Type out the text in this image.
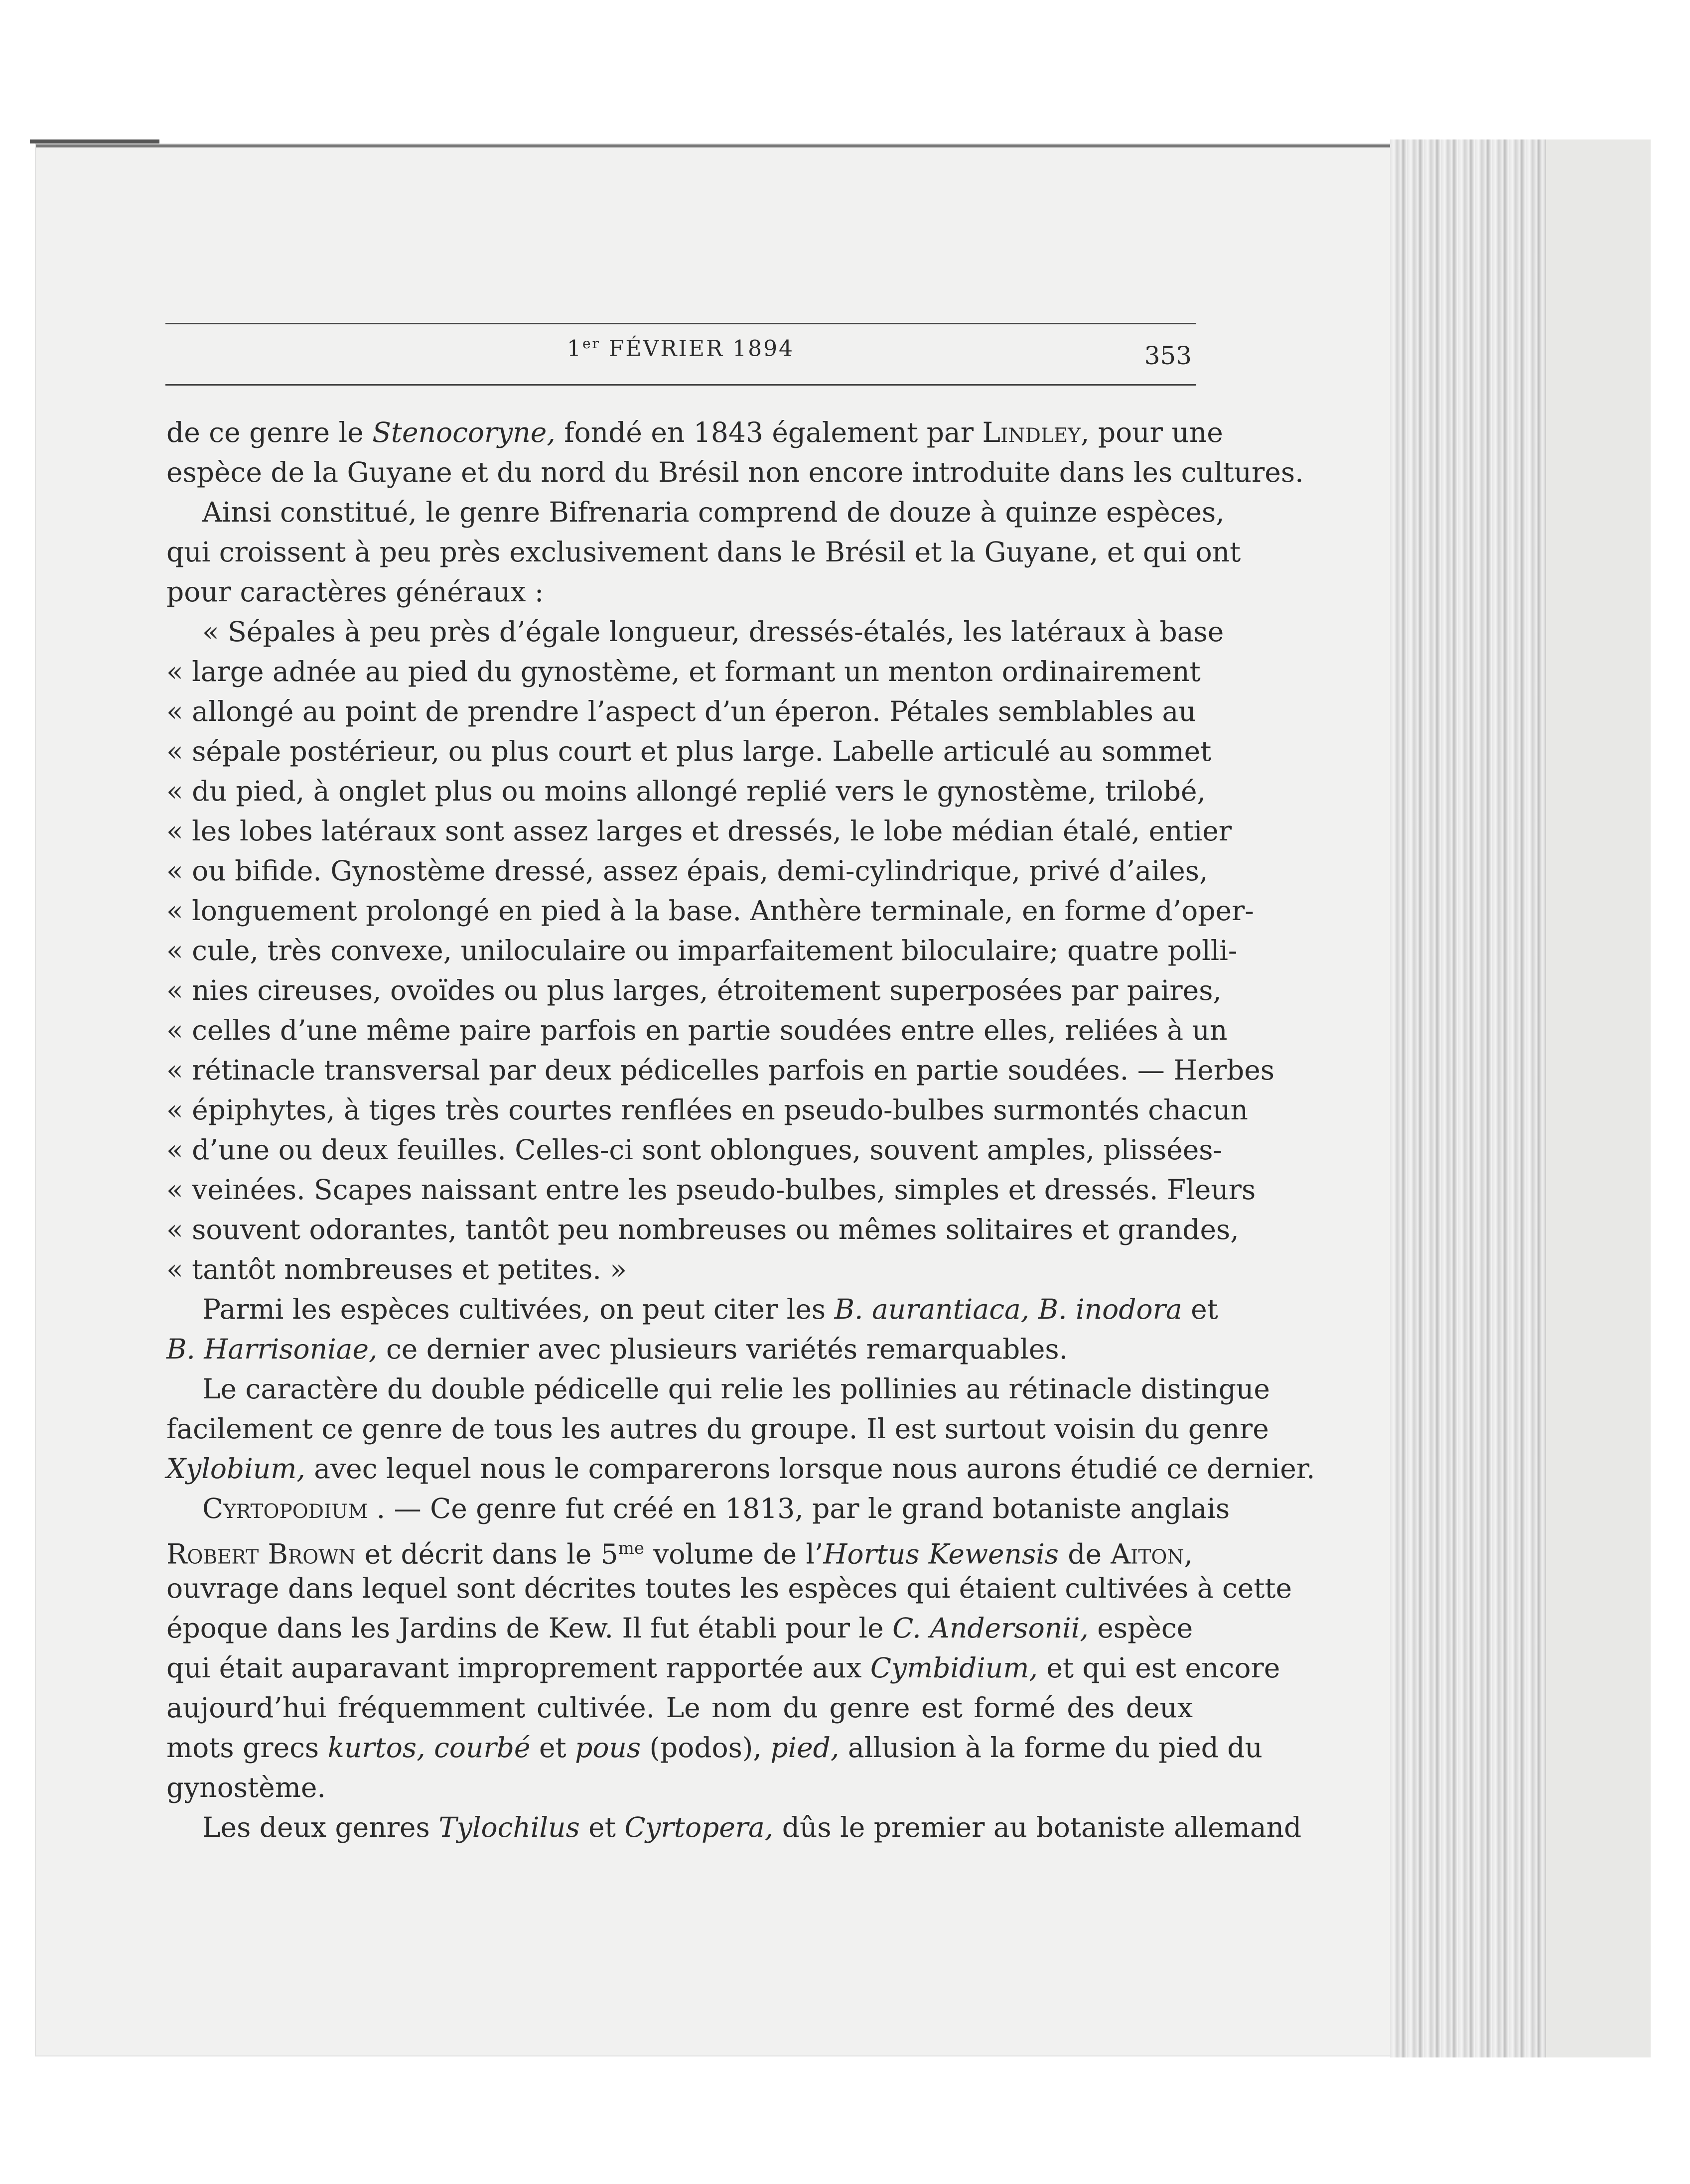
1er FÉVRIER 1894	353
de ce genre le Stenocoryne, fondé en 1843 également par Lindley, pour une
espèce de la Guyane et du nord du Brésil non encore introduite dans les cultures.
Ainsi constitué, le genre Bifrenaria comprend de douze à quinze espèces,
qui croissent à peu près exclusivement dans le Brésil et la Guyane, et qui ont
pour caractères généraux :
« Sépales à peu près d’égale longueur, dressés-étalés, les latéraux à base
« large adnée au pied du gynostème, et formant un menton ordinairement
« allongé au point de prendre l’aspect d’un éperon. Pétales semblables au
« sépale postérieur, ou plus court et plus large. Labelle articulé au sommet
« du pied, à onglet plus ou moins allongé replié vers le gynostème, trilobé,
« les lobes latéraux sont assez larges et dressés, le lobe médian étalé, entier
« ou bifide. Gynostème dressé, assez épais, demi-cylindrique, privé d’ailes,
« longuement prolongé en pied à la base. Anthère terminale, en forme d’oper-
« cule, très convexe, uniloculaire ou imparfaitement biloculaire; quatre polli-
« nies cireuses, ovoïdes ou plus larges, étroitement superposées par paires,
« celles d’une même paire parfois en partie soudées entre elles, reliées à un
« rétinacle transversal par deux pédicelles parfois en partie soudées. — Herbes
« épiphytes, à tiges très courtes renflées en pseudo-bulbes surmontés chacun
« d’une ou deux feuilles. Celles-ci sont oblongues, souvent amples, plissées-
« veinées. Scapes naissant entre les pseudo-bulbes, simples et dressés. Fleurs
« souvent odorantes, tantôt peu nombreuses ou mêmes solitaires et grandes,
« tantôt nombreuses et petites. »
Parmi les espèces cultivées, on peut citer les B. aurantiaca, B. inodora et
B. Harrisoniae, ce dernier avec plusieurs variétés remarquables.
Le caractère du double pédicelle qui relie les pollinies au rétinacle distingue
facilement ce genre de tous les autres du groupe. Il est surtout voisin du genre
Xylobium, avec lequel nous le comparerons lorsque nous aurons étudié ce dernier.
Cyrtopodium . — Ce genre fut créé en 1813, par le grand botaniste anglais
Robert Brown et décrit dans le $5^{me}$ volume de l’Hortus Kewensis de Aiton,
ouvrage dans lequel sont décrites toutes les espèces qui étaient cultivées à cette
époque dans les Jardins de Kew. Il fut établi pour le C. Andersonii, espèce
qui était auparavant improprement rapportée aux Cymbidium, et qui est encore
aujourd’hui fréquemment cultivée. Le nom du genre est formé des deux
mots grecs kurtos, courbé et pous (podos), pied, allusion à la forme du pied du
gynostème.
Les deux genres Tylochilus et Cyrtopera, dûs le premier au botaniste allemand
